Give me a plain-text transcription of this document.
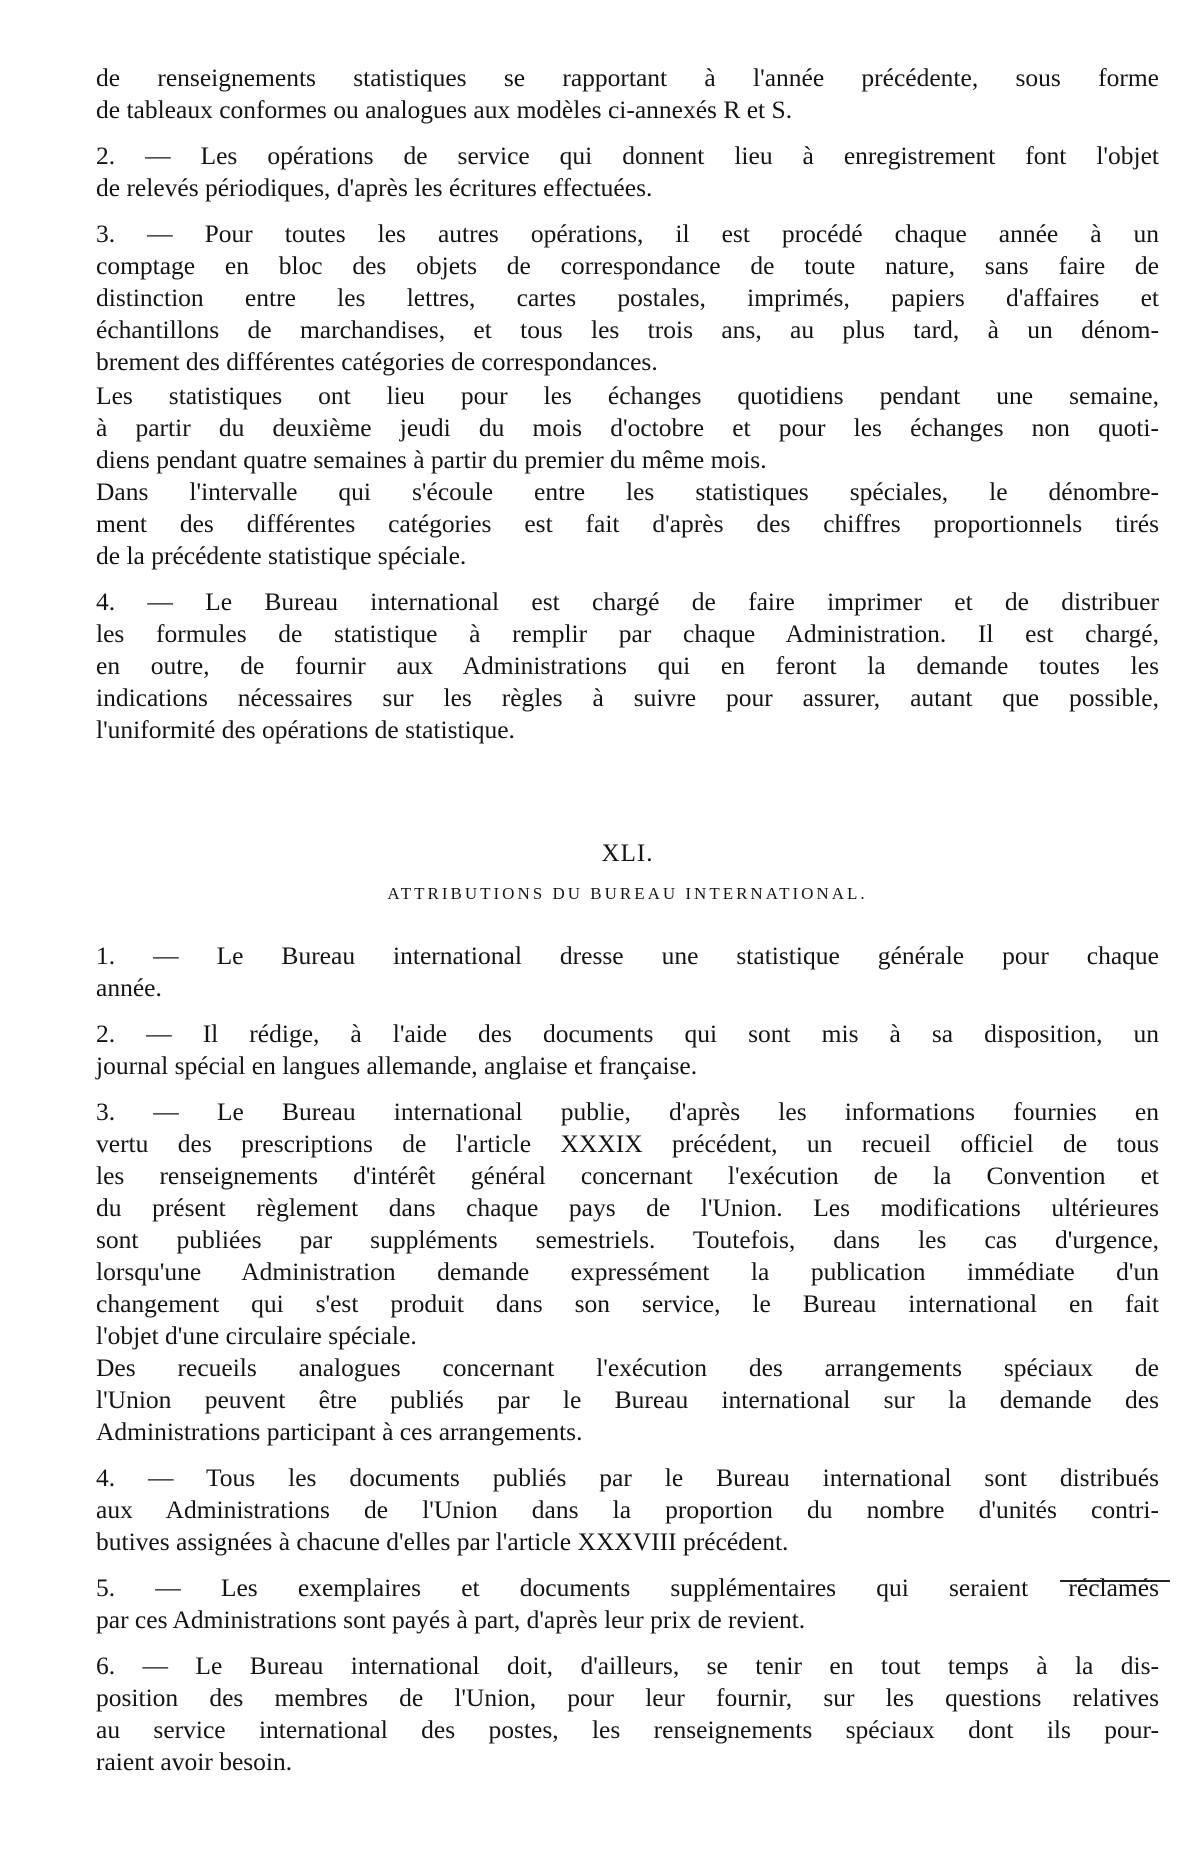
de renseignements statistiques se rapportant à l'année précédente, sous forme
de tableaux conformes ou analogues aux modèles ci-annexés R et S.

2. — Les opérations de service qui donnent lieu à enregistrement font l'objet
de relevés périodiques, d'après les écritures effectuées.

3. — Pour toutes les autres opérations, il est procédé chaque année à un
comptage en bloc des objets de correspondance de toute nature, sans faire de
distinction entre les lettres, cartes postales, imprimés, papiers d'affaires et
échantillons de marchandises, et tous les trois ans, au plus tard, à un dénom-
brement des différentes catégories de correspondances.

Les statistiques ont lieu pour les échanges quotidiens pendant une semaine,
à partir du deuxième jeudi du mois d'octobre et pour les échanges non quoti-
diens pendant quatre semaines à partir du premier du même mois.

Dans l'intervalle qui s'écoule entre les statistiques spéciales, le dénombre-
ment des différentes catégories est fait d'après des chiffres proportionnels tirés
de la précédente statistique spéciale.

4. — Le Bureau international est chargé de faire imprimer et de distribuer
les formules de statistique à remplir par chaque Administration. Il est chargé,
en outre, de fournir aux Administrations qui en feront la demande toutes les
indications nécessaires sur les règles à suivre pour assurer, autant que possible,
l'uniformité des opérations de statistique.

XLI.
ATTRIBUTIONS DU BUREAU INTERNATIONAL.

1. — Le Bureau international dresse une statistique générale pour chaque
année.

2. — Il rédige, à l'aide des documents qui sont mis à sa disposition, un
journal spécial en langues allemande, anglaise et française.

3. — Le Bureau international publie, d'après les informations fournies en
vertu des prescriptions de l'article XXXIX précédent, un recueil officiel de tous
les renseignements d'intérêt général concernant l'exécution de la Convention et
du présent règlement dans chaque pays de l'Union. Les modifications ultérieures
sont publiées par suppléments semestriels. Toutefois, dans les cas d'urgence,
lorsqu'une Administration demande expressément la publication immédiate d'un
changement qui s'est produit dans son service, le Bureau international en fait
l'objet d'une circulaire spéciale.

Des recueils analogues concernant l'exécution des arrangements spéciaux de
l'Union peuvent être publiés par le Bureau international sur la demande des
Administrations participant à ces arrangements.

4. — Tous les documents publiés par le Bureau international sont distribués
aux Administrations de l'Union dans la proportion du nombre d'unités contri-
butives assignées à chacune d'elles par l'article XXXVIII précédent.

5. — Les exemplaires et documents supplémentaires qui seraient réclamés
par ces Administrations sont payés à part, d'après leur prix de revient.

6. — Le Bureau international doit, d'ailleurs, se tenir en tout temps à la dis-
position des membres de l'Union, pour leur fournir, sur les questions relatives
au service international des postes, les renseignements spéciaux dont ils pour-
raient avoir besoin.
